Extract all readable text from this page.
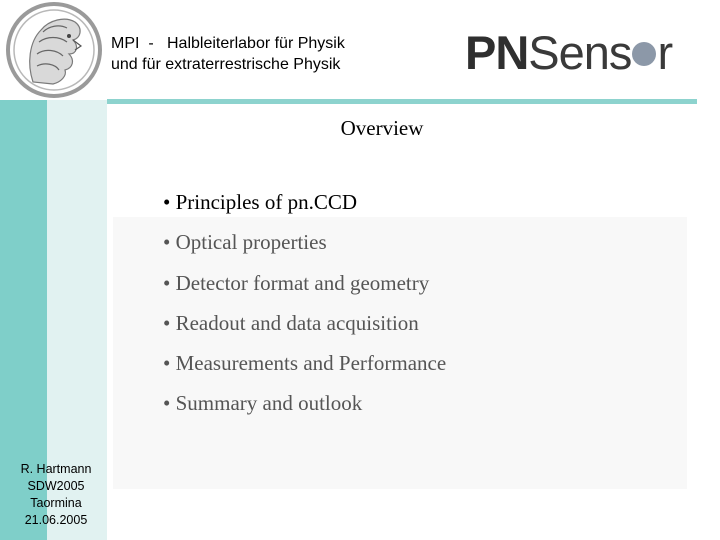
MPI  -   Halbleiterlabor für Physik
und für extraterrestrische Physik	PNSens r
Overview
• Principles of pn.CCD
• Optical properties
• Detector format and geometry
• Readout and data acquisition
• Measurements and Performance
• Summary and outlook
R. Hartmann
SDW2005
Taormina
21.06.2005
